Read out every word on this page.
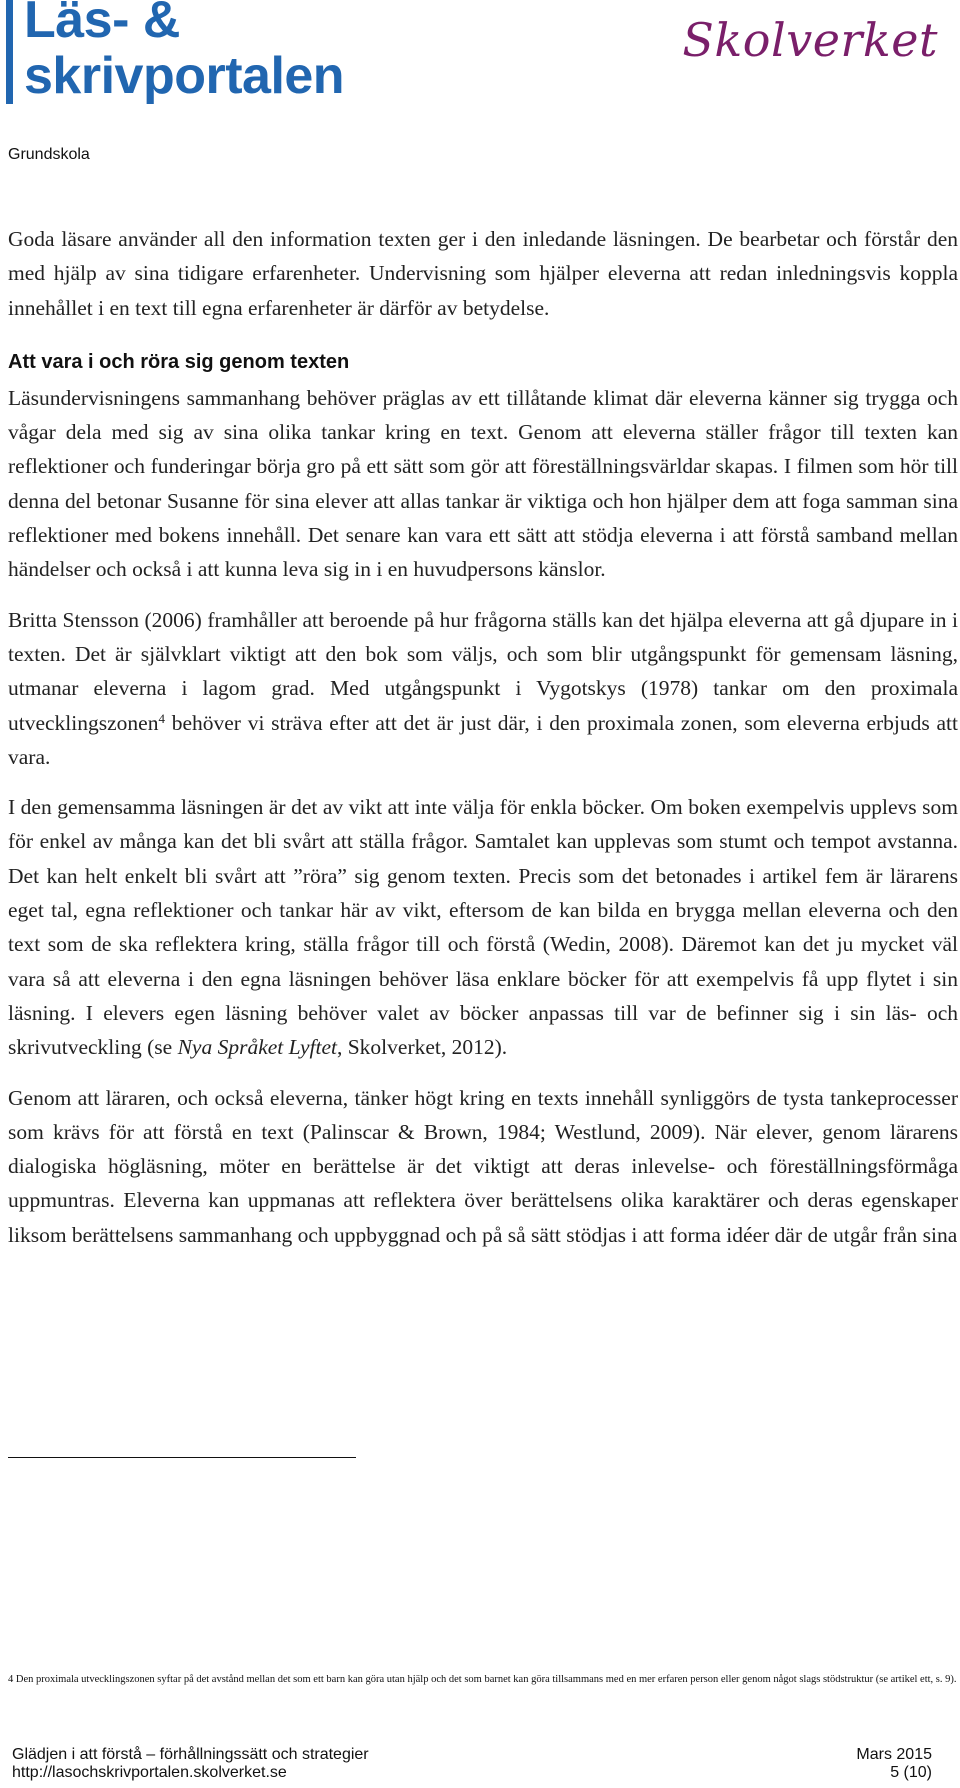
Läs- &
skrivportalen
Skolverket
Grundskola

Goda läsare använder all den information texten ger i den inledande läsningen. De bearbetar och förstår den med hjälp av sina tidigare erfarenheter. Undervisning som hjälper eleverna att redan inledningsvis koppla innehållet i en text till egna erfarenheter är därför av betydelse.

Att vara i och röra sig genom texten

Läsundervisningens sammanhang behöver präglas av ett tillåtande klimat där eleverna känner sig trygga och vågar dela med sig av sina olika tankar kring en text. Genom att eleverna ställer frågor till texten kan reflektioner och funderingar börja gro på ett sätt som gör att föreställningsvärldar skapas. I filmen som hör till denna del betonar Susanne för sina elever att allas tankar är viktiga och hon hjälper dem att foga samman sina reflektioner med bokens innehåll. Det senare kan vara ett sätt att stödja eleverna i att förstå samband mellan händelser och också i att kunna leva sig in i en huvudpersons känslor.

Britta Stensson (2006) framhåller att beroende på hur frågorna ställs kan det hjälpa eleverna att gå djupare in i texten. Det är självklart viktigt att den bok som väljs, och som blir utgångspunkt för gemensam läsning, utmanar eleverna i lagom grad. Med utgångspunkt i Vygotskys (1978) tankar om den proximala utvecklingszonen$^4$ behöver vi sträva efter att det är just där, i den proximala zonen, som eleverna erbjuds att vara.

I den gemensamma läsningen är det av vikt att inte välja för enkla böcker. Om boken exempelvis upplevs som för enkel av många kan det bli svårt att ställa frågor. Samtalet kan upplevas som stumt och tempot avstanna. Det kan helt enkelt bli svårt att ”röra” sig genom texten. Precis som det betonades i artikel fem är lärarens eget tal, egna reflektioner och tankar här av vikt, eftersom de kan bilda en brygga mellan eleverna och den text som de ska reflektera kring, ställa frågor till och förstå (Wedin, 2008). Däremot kan det ju mycket väl vara så att eleverna i den egna läsningen behöver läsa enklare böcker för att exempelvis få upp flytet i sin läsning. I elevers egen läsning behöver valet av böcker anpassas till var de befinner sig i sin läs- och skrivutveckling (se Nya Språket Lyftet, Skolverket, 2012).

Genom att läraren, och också eleverna, tänker högt kring en texts innehåll synliggörs de tysta tankeprocesser som krävs för att förstå en text (Palinscar & Brown, 1984; Westlund, 2009). När elever, genom lärarens dialogiska högläsning, möter en berättelse är det viktigt att deras inlevelse- och föreställningsförmåga uppmuntras. Eleverna kan uppmanas att reflektera över berättelsens olika karaktärer och deras egenskaper liksom berättelsens sammanhang och uppbyggnad och på så sätt stödjas i att forma idéer där de utgår från sina

4 Den proximala utvecklingszonen syftar på det avstånd mellan det som ett barn kan göra utan hjälp och det som barnet kan göra tillsammans med en mer erfaren person eller genom något slags stödstruktur (se artikel ett, s. 9).
Glädjen i att förstå – förhållningssätt och strategier	Mars 2015
http://lasochskrivportalen.skolverket.se	5 (10)
